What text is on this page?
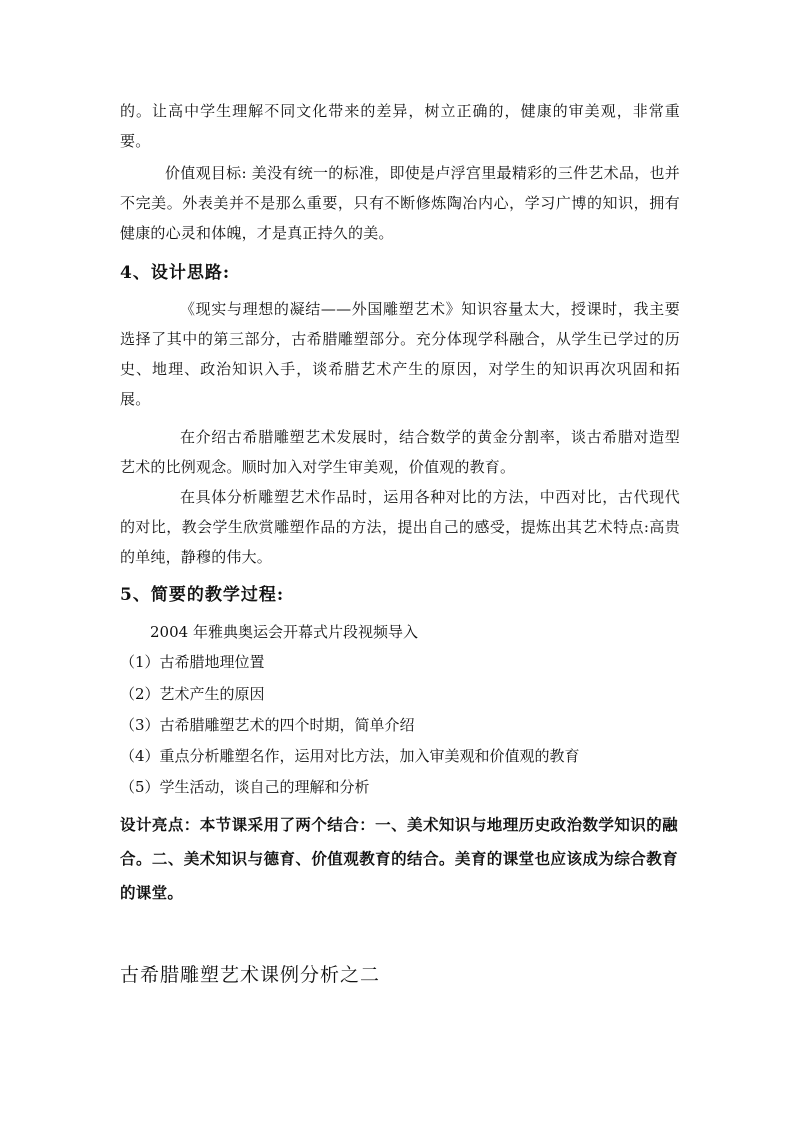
的。让高中学生理解不同文化带来的差异，树立正确的，健康的审美观，非常重要。
价值观目标: 美没有统一的标准，即使是卢浮宫里最精彩的三件艺术品，也并不完美。外表美并不是那么重要，只有不断修炼陶冶内心，学习广博的知识，拥有健康的心灵和体魄，才是真正持久的美。
4、设计思路:
《现实与理想的凝结——外国雕塑艺术》知识容量太大，授课时，我主要选择了其中的第三部分，古希腊雕塑部分。充分体现学科融合，从学生已学过的历史、地理、政治知识入手，谈希腊艺术产生的原因，对学生的知识再次巩固和拓展。
在介绍古希腊雕塑艺术发展时，结合数学的黄金分割率，谈古希腊对造型艺术的比例观念。顺时加入对学生审美观，价值观的教育。
在具体分析雕塑艺术作品时，运用各种对比的方法，中西对比，古代现代的对比，教会学生欣赏雕塑作品的方法，提出自己的感受，提炼出其艺术特点:高贵的单纯，静穆的伟大。
5、简要的教学过程:
2004 年雅典奥运会开幕式片段视频导入
（1）古希腊地理位置
（2）艺术产生的原因
（3）古希腊雕塑艺术的四个时期，简单介绍
（4）重点分析雕塑名作，运用对比方法，加入审美观和价值观的教育
（5）学生活动，谈自己的理解和分析
设计亮点：本节课采用了两个结合：一、美术知识与地理历史政治数学知识的融合。二、美术知识与德育、价值观教育的结合。美育的课堂也应该成为综合教育的课堂。
古希腊雕塑艺术课例分析之二
